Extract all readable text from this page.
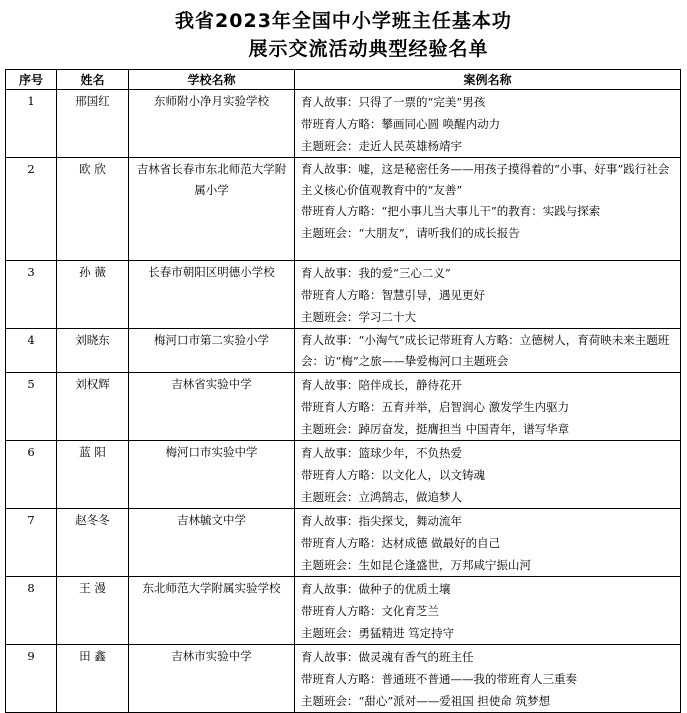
我省2023年全国中小学班主任基本功
展示交流活动典型经验名单
序号	姓名	学校名称	案例名称

1	邢国红	东师附小净月实验学校	育人故事：只得了一票的“完美”男孩
带班育人方略：攀画同心圆 唤醒内动力
主题班会：走近人民英雄杨靖宇

2	欧 欣	吉林省长春市东北师范大学附属小学	育人故事：嘘，这是秘密任务——用孩子摸得着的“小事、好事”践行社会主义核心价值观教育中的“友善”
带班育人方略：“把小事儿当大事儿干”的教育：实践与探索
主题班会：“大朋友”，请听我们的成长报告

3	孙 薇	长春市朝阳区明德小学校	育人故事：我的爱“三心二义”
带班育人方略：智慧引导，遇见更好
主题班会：学习二十大

4	刘晓东	梅河口市第二实验小学	育人故事：“小淘气”成长记带班育人方略：立德树人，育荷映未来主题班会：访“梅”之旅——挚爱梅河口主题班会

5	刘权辉	吉林省实验中学	育人故事：陪伴成长，静待花开
带班育人方略：五育并举，启智润心 激发学生内驱力
主题班会：踔厉奋发，挺膺担当 中国青年，谱写华章

6	蓝 阳	梅河口市实验中学	育人故事：篮球少年，不负热爱
带班育人方略：以文化人，以文铸魂
主题班会：立鸿鹄志，做追梦人

7	赵冬冬	吉林毓文中学	育人故事：指尖探戈，舞动流年
带班育人方略：达材成德 做最好的自己
主题班会：生如昆仑逢盛世，万邦咸宁振山河

8	王 漫	东北师范大学附属实验学校	育人故事：做种子的优质土壤
带班育人方略：文化育芝兰
主题班会：勇猛精进 笃定持守

9	田 鑫	吉林市实验中学	育人故事：做灵魂有香气的班主任
带班育人方略：普通班不普通——我的带班育人三重奏
主题班会：“甜心”派对——爱祖国 担使命 筑梦想
